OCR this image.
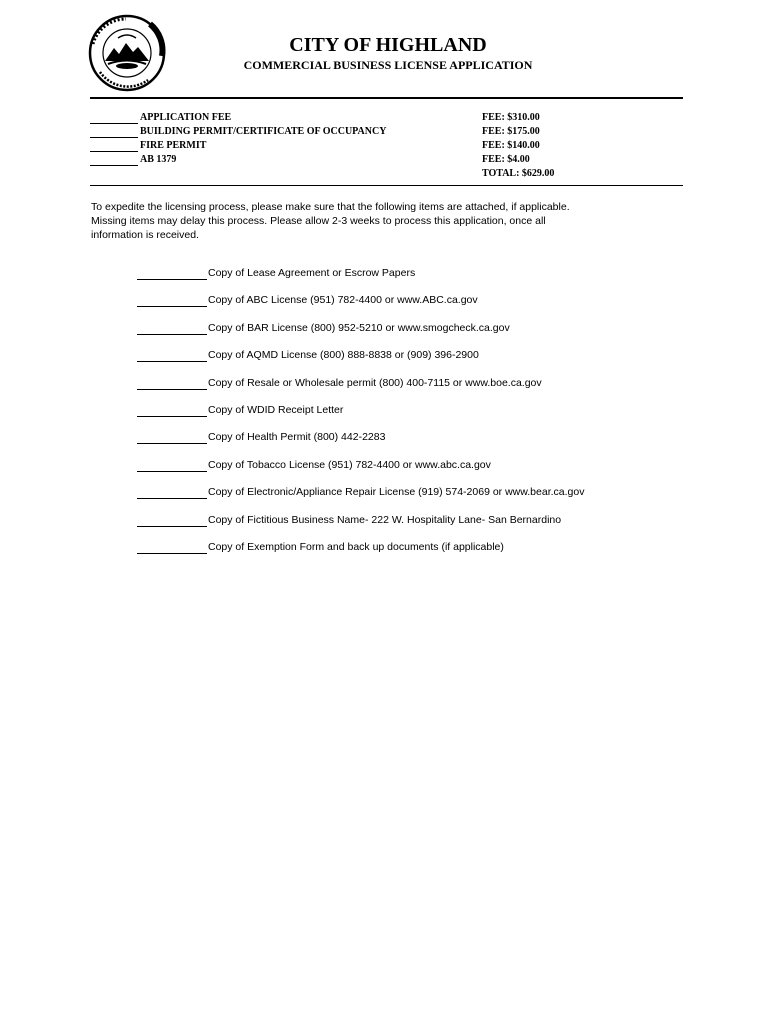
CITY OF HIGHLAND
COMMERCIAL BUSINESS LICENSE APPLICATION
APPLICATION FEE	FEE: $310.00
BUILDING PERMIT/CERTIFICATE OF OCCUPANCY	FEE: $175.00
FIRE PERMIT	FEE: $140.00
AB 1379	FEE: $4.00
TOTAL: $629.00
To expedite the licensing process, please make sure that the following items are attached, if applicable. Missing items may delay this process. Please allow 2-3 weeks to process this application, once all information is received.
Copy of Lease Agreement or Escrow Papers
Copy of ABC License (951) 782-4400 or www.ABC.ca.gov
Copy of BAR License (800) 952-5210 or www.smogcheck.ca.gov
Copy of AQMD License (800) 888-8838 or (909) 396-2900
Copy of Resale or Wholesale permit (800) 400-7115 or www.boe.ca.gov
Copy of WDID Receipt Letter
Copy of Health Permit (800) 442-2283
Copy of Tobacco License (951) 782-4400 or www.abc.ca.gov
Copy of Electronic/Appliance Repair License (919) 574-2069 or www.bear.ca.gov
Copy of Fictitious Business Name- 222 W. Hospitality Lane- San Bernardino
Copy of Exemption Form and back up documents (if applicable)
